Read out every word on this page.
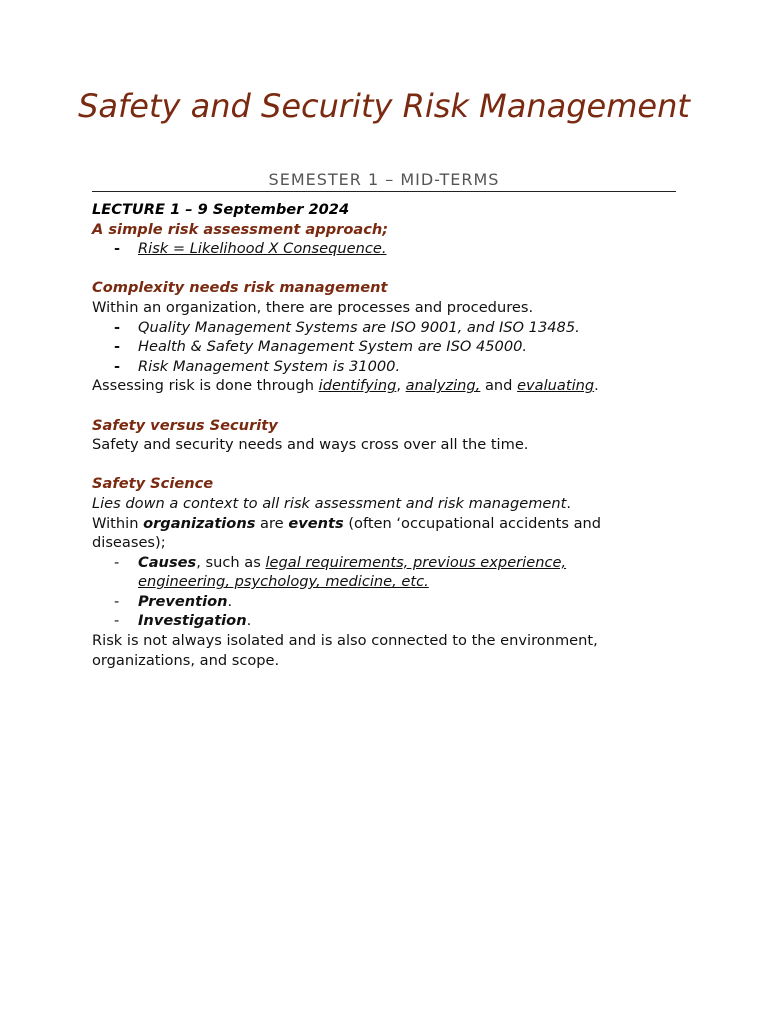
Safety and Security Risk Management
SEMESTER 1 – MID-TERMS
LECTURE 1 – 9 September 2024
A simple risk assessment approach;
-	Risk = Likelihood X Consequence.
Complexity needs risk management
Within an organization, there are processes and procedures.
-	Quality Management Systems are ISO 9001, and ISO 13485.
-	Health & Safety Management System are ISO 45000.
-	Risk Management System is 31000.
Assessing risk is done through identifying, analyzing, and evaluating.
Safety versus Security
Safety and security needs and ways cross over all the time.
Safety Science
Lies down a context to all risk assessment and risk management.
Within organizations are events (often ‘occupational accidents and diseases);
-	Causes, such as legal requirements, previous experience, engineering, psychology, medicine, etc.
-	Prevention.
-	Investigation.
Risk is not always isolated and is also connected to the environment, organizations, and scope.
